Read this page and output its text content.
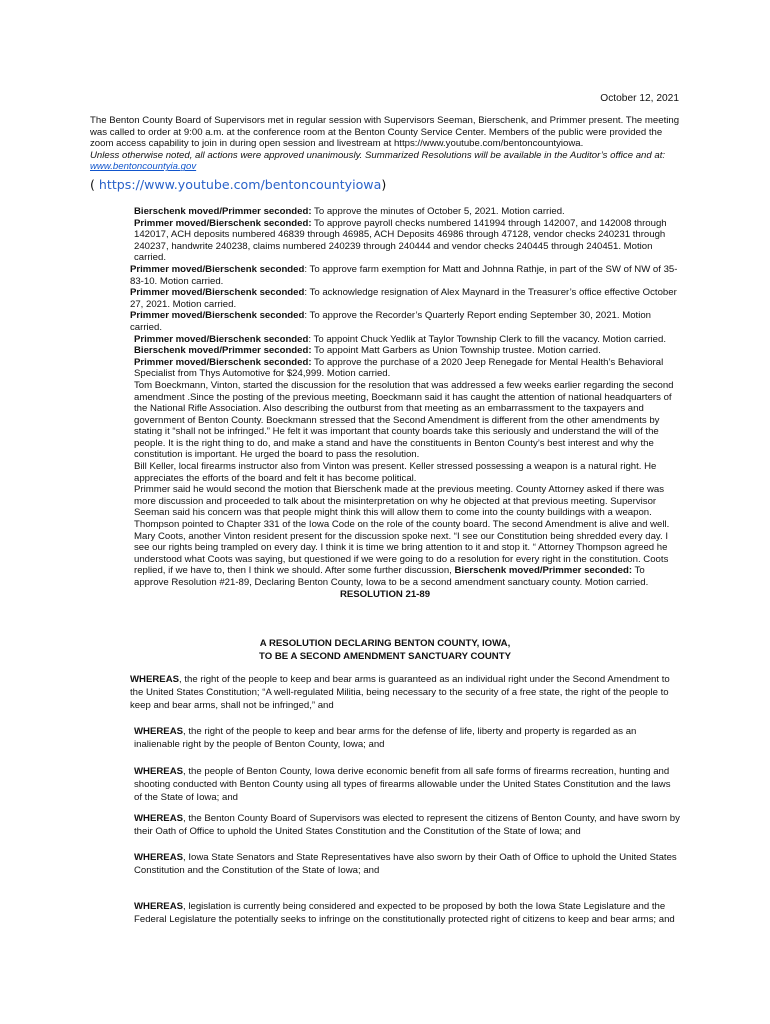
October 12, 2021

The Benton County Board of Supervisors met in regular session with Supervisors Seeman, Bierschenk, and Primmer present. The meeting was called to order at 9:00 a.m. at the conference room at the Benton County Service Center. Members of the public were provided the zoom access capability to join in during open session and livestream at https://www.youtube.com/bentoncountyiowa.

Unless otherwise noted, all actions were approved unanimously. Summarized Resolutions will be available in the Auditor’s office and at: www.bentoncountyia.gov

( https://www.youtube.com/bentoncountyiowa)

Bierschenk moved/Primmer seconded: To approve the minutes of October 5, 2021. Motion carried.

Primmer moved/Bierschenk seconded: To approve payroll checks numbered 141994 through 142007, and 142008 through 142017, ACH deposits numbered 46839 through 46985, ACH Deposits 46986 through 47128, vendor checks 240231 through 240237, handwrite 240238, claims numbered 240239 through 240444 and vendor checks 240445 through 240451. Motion carried.

Primmer moved/Bierschenk seconded: To approve farm exemption for Matt and Johnna Rathje, in part of the SW of NW of 35-83-10. Motion carried.

Primmer moved/Bierschenk seconded: To acknowledge resignation of Alex Maynard in the Treasurer’s office effective October 27, 2021. Motion carried.

Primmer moved/Bierschenk seconded: To approve the Recorder’s Quarterly Report ending September 30, 2021. Motion carried.

Primmer moved/Bierschenk seconded: To appoint Chuck Yedlik at Taylor Township Clerk to fill the vacancy. Motion carried.

Bierschenk moved/Primmer seconded: To appoint Matt Garbers as Union Township trustee. Motion carried.

Primmer moved/Bierschenk seconded: To approve the purchase of a 2020 Jeep Renegade for Mental Health’s Behavioral Specialist from Thys Automotive for $24,999. Motion carried.

Tom Boeckmann, Vinton, started the discussion for the resolution that was addressed a few weeks earlier regarding the second amendment .Since the posting of the previous meeting, Boeckmann said it has caught the attention of national headquarters of the National Rifle Association. Also describing the outburst from that meeting as an embarrassment to the taxpayers and government of Benton County. Boeckmann stressed that the Second Amendment is different from the other amendments by stating it “shall not be infringed.” He felt it was important that county boards take this seriously and understand the will of the people. It is the right thing to do, and make a stand and have the constituents in Benton County’s best interest and why the constitution is important. He urged the board to pass the resolution.

Bill Keller, local firearms instructor also from Vinton was present. Keller stressed possessing a weapon is a natural right. He appreciates the efforts of the board and felt it has become political.

Primmer said he would second the motion that Bierschenk made at the previous meeting. County Attorney asked if there was more discussion and proceeded to talk about the misinterpretation on why he objected at that previous meeting. Supervisor Seeman said his concern was that people might think this will allow them to come into the county buildings with a weapon. Thompson pointed to Chapter 331 of the Iowa Code on the role of the county board. The second Amendment is alive and well.

Mary Coots, another Vinton resident present for the discussion spoke next. “I see our Constitution being shredded every day. I see our rights being trampled on every day. I think it is time we bring attention to it and stop it. “ Attorney Thompson agreed he understood what Coots was saying, but questioned if we were going to do a resolution for every right in the constitution. Coots replied, if we have to, then I think we should. After some further discussion, Bierschenk moved/Primmer seconded: To approve Resolution #21-89, Declaring Benton County, Iowa to be a second amendment sanctuary county. Motion carried.

RESOLUTION 21-89

A RESOLUTION DECLARING BENTON COUNTY, IOWA,
TO BE A SECOND AMENDMENT SANCTUARY COUNTY

WHEREAS, the right of the people to keep and bear arms is guaranteed as an individual right under the Second Amendment to the United States Constitution; “A well-regulated Militia, being necessary to the security of a free state, the right of the people to keep and bear arms, shall not be infringed,” and

WHEREAS, the right of the people to keep and bear arms for the defense of life, liberty and property is regarded as an inalienable right by the people of Benton County, Iowa; and

WHEREAS, the people of Benton County, Iowa derive economic benefit from all safe forms of firearms recreation, hunting and shooting conducted with Benton County using all types of firearms allowable under the United States Constitution and the laws of the State of Iowa; and

WHEREAS, the Benton County Board of Supervisors was elected to represent the citizens of Benton County, and have sworn by their Oath of Office to uphold the United States Constitution and the Constitution of the State of Iowa; and

WHEREAS, Iowa State Senators and State Representatives have also sworn by their Oath of Office to uphold the United States Constitution and the Constitution of the State of Iowa; and

WHEREAS, legislation is currently being considered and expected to be proposed by both the Iowa State Legislature and the Federal Legislature the potentially seeks to infringe on the constitutionally protected right of citizens to keep and bear arms; and
